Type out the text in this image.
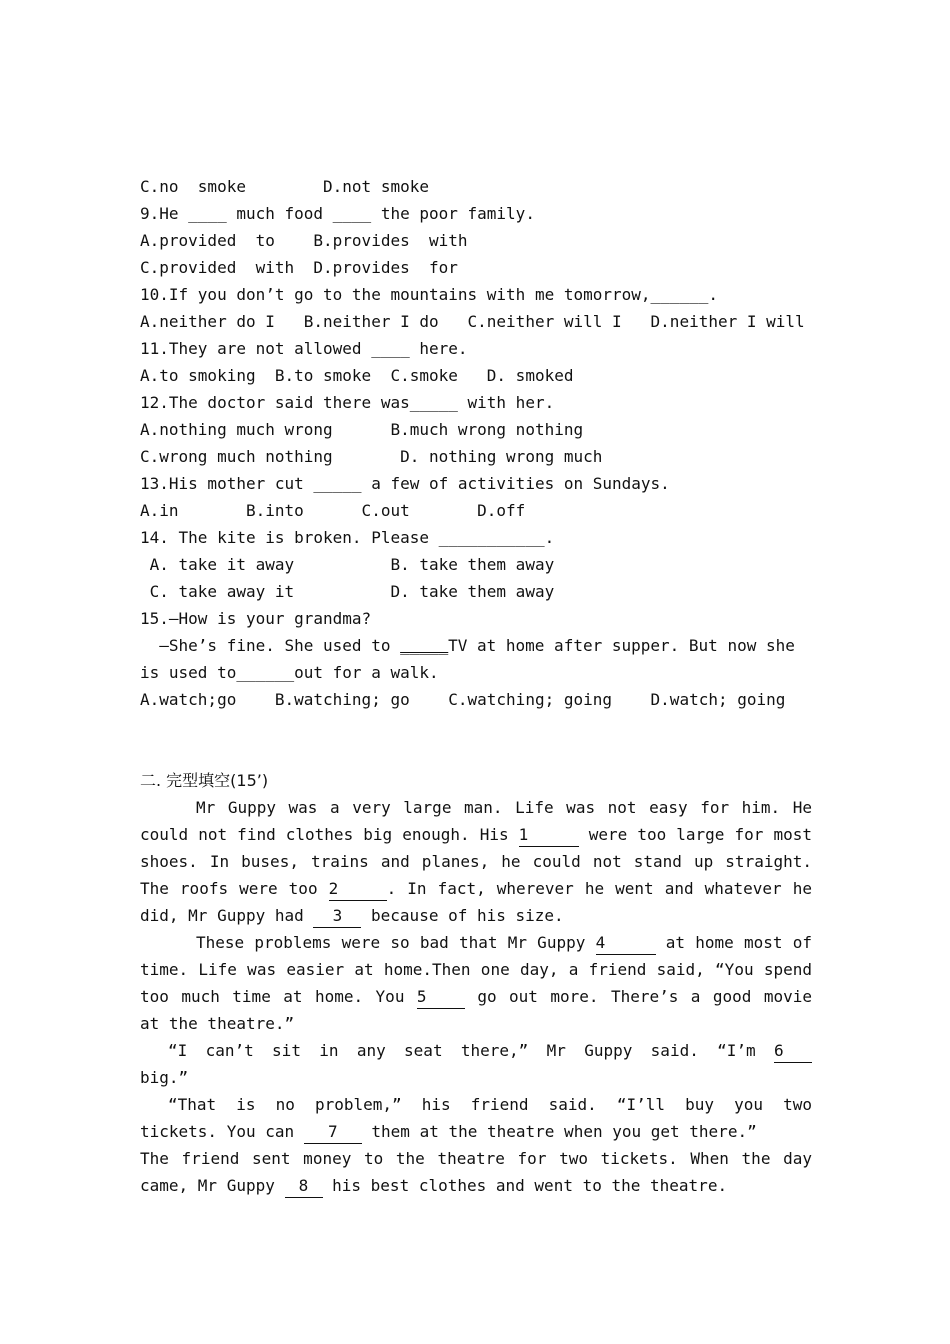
C.no  smoke        D.not smoke
9.He ____ much food ____ the poor family.
A.provided  to    B.provides  with
C.provided  with  D.provides  for
10.If you don’t go to the mountains with me tomorrow,______.
A.neither do I   B.neither I do   C.neither will I   D.neither I will
11.They are not allowed ____ here.
A.to smoking  B.to smoke  C.smoke   D. smoked
12.The doctor said there was_____ with her.
A.nothing much wrong      B.much wrong nothing
C.wrong much nothing       D. nothing wrong much
13.His mother cut _____ a few of activities on Sundays.
A.in       B.into      C.out       D.off
14. The kite is broken. Please ___________.
A. take it away          B. take them away
C. take away it          D. take them away
15.—How is your grandma?
—She’s fine. She used to _____TV at home after supper. But now she
is used to______out for a walk.
A.watch;go    B.watching; go    C.watching; going    D.watch; going
二. 完型填空(15’)
Mr Guppy was a very large man. Life was not easy for him. He
could not find clothes big enough. His 1	were too large for most
shoes. In buses, trains and planes, he could not stand up straight.
The roofs were too 2	. In fact, wherever he went and whatever he
did, Mr Guppy had 3 because of his size.
These problems were so bad that Mr Guppy 4	at home most of
time. Life was easier at home.Then one day, a friend said, “You spend
too much time at home. You 5 go out more. There’s a good movie
at the theatre.”
“I can’t sit in any seat there,” Mr Guppy said. “I’m 6
big.”
“That is no problem,” his friend said. “I’ll buy you two
tickets. You can 7 them at the theatre when you get there.”
The friend sent money to the theatre for two tickets. When the day
came, Mr Guppy 8 his best clothes and went to the theatre.
